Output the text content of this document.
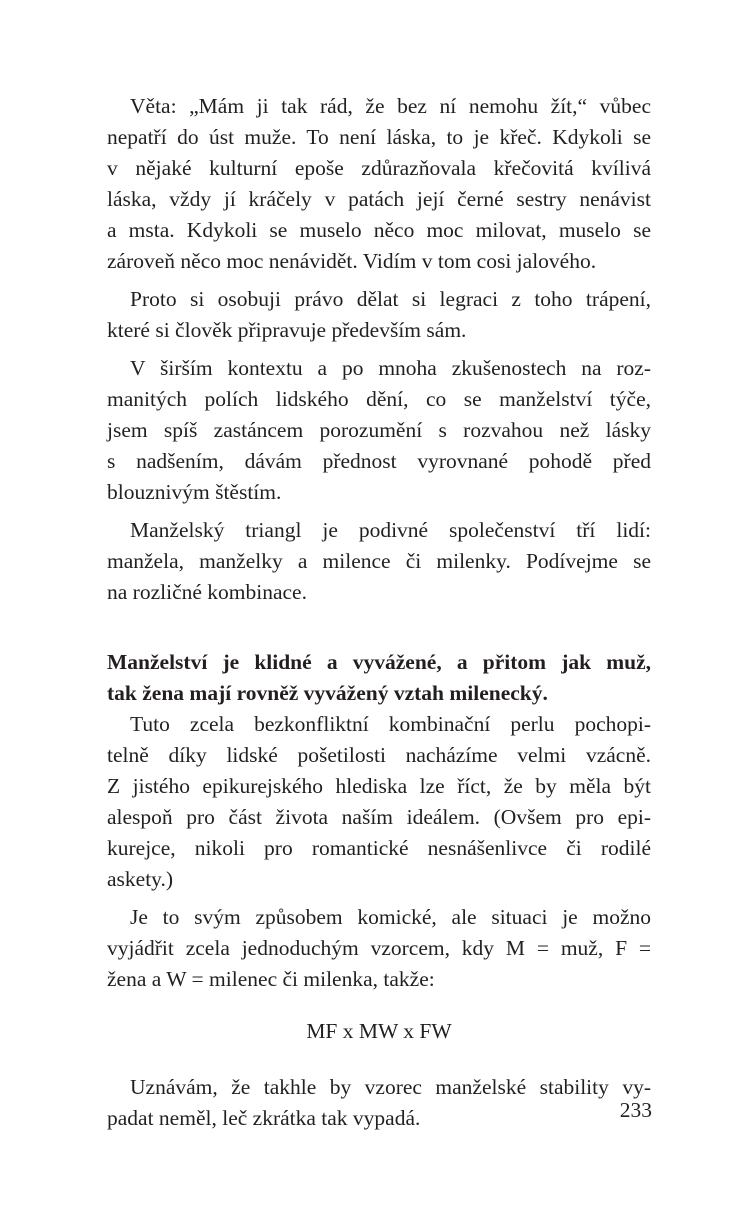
Věta: „Mám ji tak rád, že bez ní nemohu žít,“ vůbec
nepatří do úst muže. To není láska, to je křeč. Kdykoli se
v nějaké kulturní epoše zdůrazňovala křečovitá kvílivá
láska, vždy jí kráčely v patách její černé sestry nenávist
a msta. Kdykoli se muselo něco moc milovat, muselo se
zároveň něco moc nenávidět. Vidím v tom cosi jalového.
Proto si osobuji právo dělat si legraci z toho trápení,
které si člověk připravuje především sám.
V širším kontextu a po mnoha zkušenostech na roz-
manitých polích lidského dění, co se manželství týče,
jsem spíš zastáncem porozumění s rozvahou než lásky
s nadšením, dávám přednost vyrovnané pohodě před
blouznivým štěstím.
Manželský triangl je podivné společenství tří lidí:
manžela, manželky a milence či milenky. Podívejme se
na rozličné kombinace.
Manželství je klidné a vyvážené, a přitom jak muž,
tak žena mají rovněž vyvážený vztah milenecký.
Tuto zcela bezkonfliktní kombinační perlu pochopi-
telně díky lidské pošetilosti nacházíme velmi vzácně.
Z jistého epikurejského hlediska lze říct, že by měla být
alespoň pro část života naším ideálem. (Ovšem pro epi-
kurejce, nikoli pro romantické nesnášenlivce či rodilé
askety.)
Je to svým způsobem komické, ale situaci je možno
vyjádřit zcela jednoduchým vzorcem, kdy M = muž, F =
žena a W = milenec či milenka, takže:
MF x MW x FW
Uznávám, že takhle by vzorec manželské stability vy-
padat neměl, leč zkrátka tak vypadá.	233
